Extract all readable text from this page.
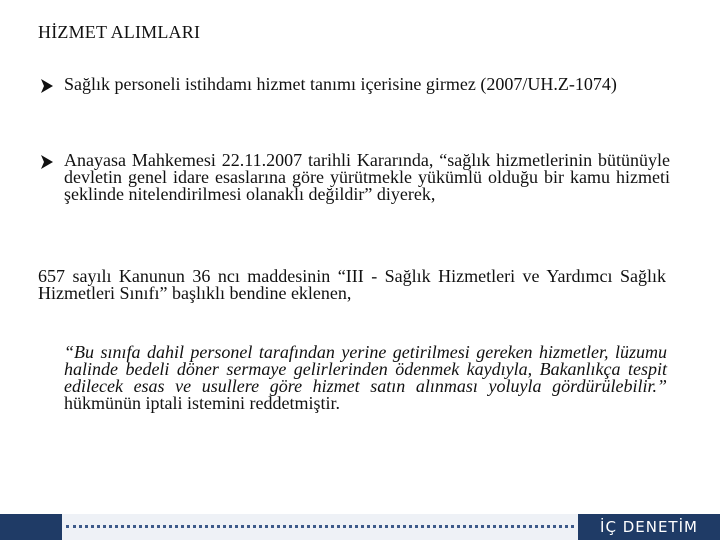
HİZMET ALIMLARI
Sağlık personeli istihdamı hizmet tanımı içerisine girmez (2007/UH.Z-1074)
Anayasa Mahkemesi 22.11.2007 tarihli Kararında, “sağlık hizmetlerinin bütünüyle devletin genel idare esaslarına göre yürütmekle yükümlü olduğu bir kamu hizmeti şeklinde nitelendirilmesi olanaklı değildir” diyerek,
657 sayılı Kanunun 36 ncı maddesinin “III - Sağlık Hizmetleri ve Yardımcı Sağlık Hizmetleri Sınıfı” başlıklı bendine eklenen,
“Bu sınıfa dahil personel tarafından yerine getirilmesi gereken hizmetler, lüzumu halinde bedeli döner sermaye gelirlerinden ödenmek kaydıyla, Bakanlıkça tespit edilecek esas ve usullere göre hizmet satın alınması yoluyla gördürülebilir.” hükmünün iptali istemini reddetmiştir.
İÇ DENETİM
